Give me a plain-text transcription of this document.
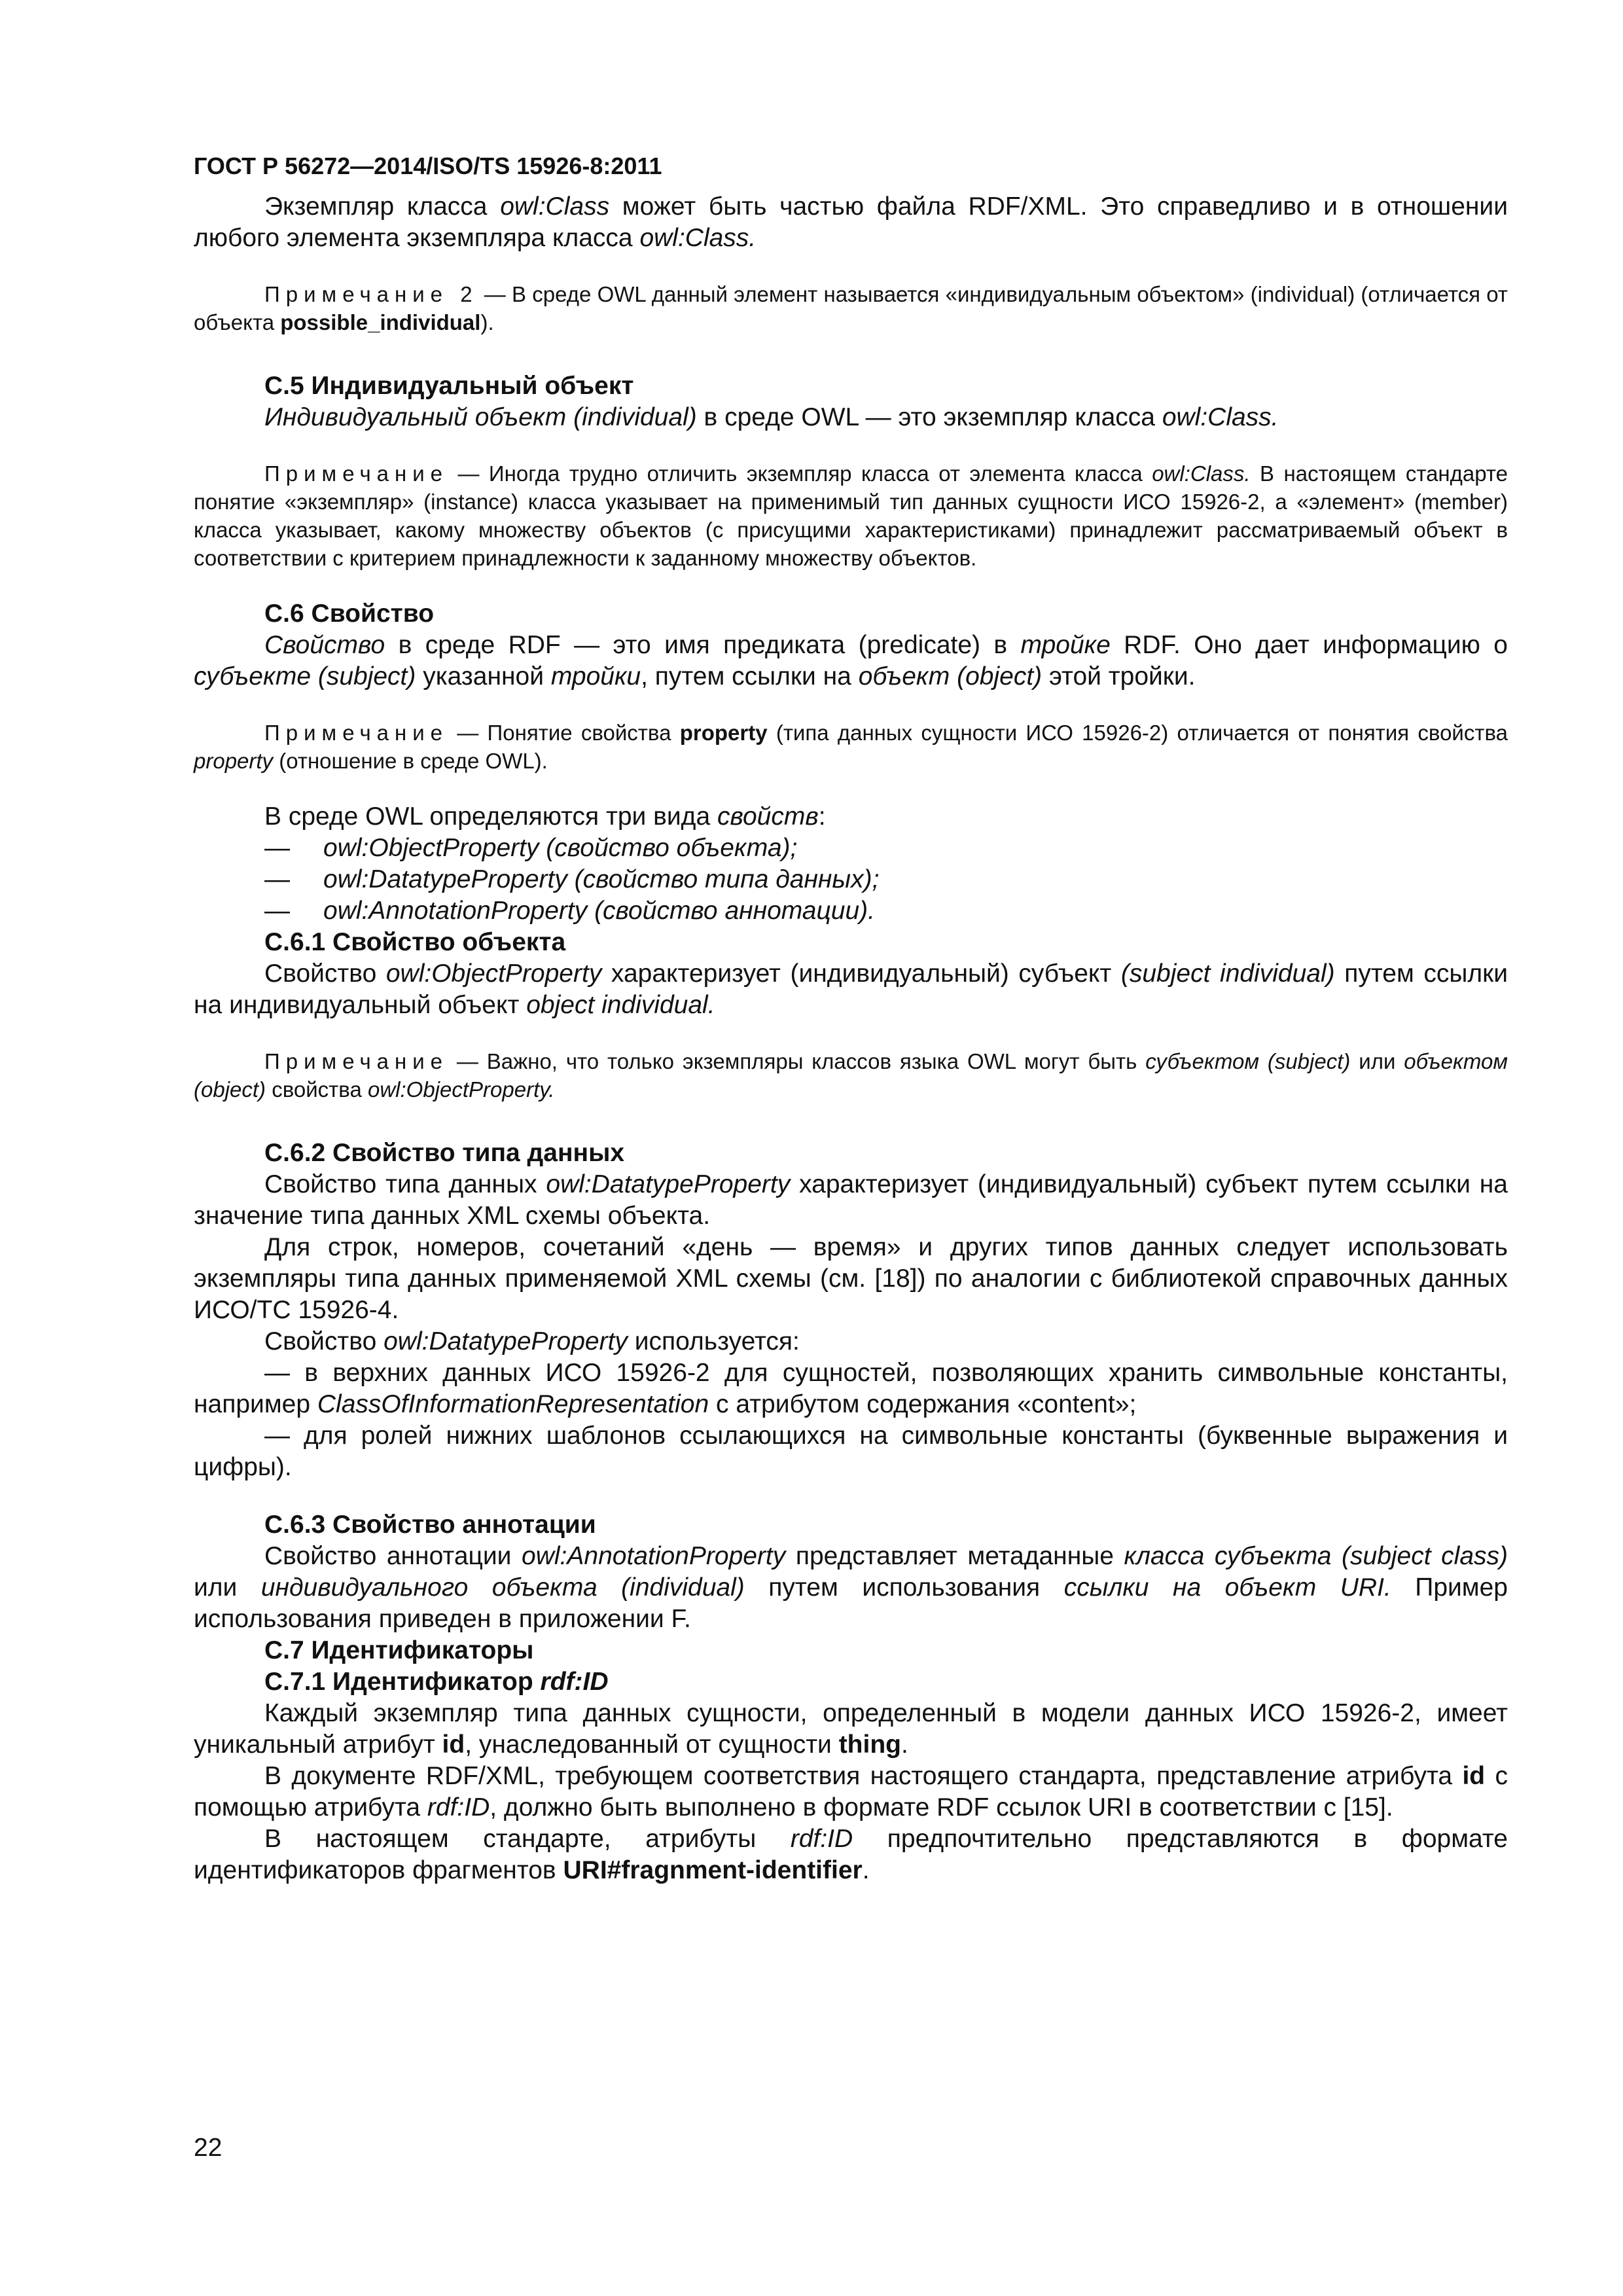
ГОСТ Р 56272—2014/ISO/TS 15926-8:2011

Экземпляр класса owl:Class может быть частью файла RDF/XML. Это справедливо и в отношении любого элемента экземпляра класса owl:Class.

Примечание 2 — В среде OWL данный элемент называется «индивидуальным объектом» (individual) (отличается от объекта possible_individual).

С.5 Индивидуальный объект

Индивидуальный объект (individual) в среде OWL — это экземпляр класса owl:Class.

Примечание — Иногда трудно отличить экземпляр класса от элемента класса owl:Class. В настоящем стандарте понятие «экземпляр» (instance) класса указывает на применимый тип данных сущности ИСО 15926-2, а «элемент» (member) класса указывает, какому множеству объектов (с присущими характеристиками) принадлежит рассматриваемый объект в соответствии с критерием принадлежности к заданному множеству объектов.

С.6 Свойство

Свойство в среде RDF — это имя предиката (predicate) в тройке RDF. Оно дает информацию о субъекте (subject) указанной тройки, путем ссылки на объект (object) этой тройки.

Примечание — Понятие свойства property (типа данных сущности ИСО 15926-2) отличается от понятия свойства property (отношение в среде OWL).

В среде OWL определяются три вида свойств:

— owl:ObjectProperty (свойство объекта);
— owl:DatatypeProperty (свойство типа данных);
— owl:AnnotationProperty (свойство аннотации).

С.6.1 Свойство объекта

Свойство owl:ObjectProperty характеризует (индивидуальный) субъект (subject individual) путем ссылки на индивидуальный объект object individual.

Примечание — Важно, что только экземпляры классов языка OWL могут быть субъектом (subject) или объектом (object) свойства owl:ObjectProperty.

С.6.2 Свойство типа данных

Свойство типа данных owl:DatatypeProperty характеризует (индивидуальный) субъект путем ссылки на значение типа данных XML схемы объекта.

Для строк, номеров, сочетаний «день — время» и других типов данных следует использовать экземпляры типа данных применяемой XML схемы (см. [18]) по аналогии с библиотекой справочных данных ИСО/ТС 15926-4.

Свойство owl:DatatypeProperty используется:

— в верхних данных ИСО 15926-2 для сущностей, позволяющих хранить символьные константы, например ClassOfInformationRepresentation с атрибутом содержания «content»;

— для ролей нижних шаблонов ссылающихся на символьные константы (буквенные выражения и цифры).

С.6.3 Свойство аннотации

Свойство аннотации owl:AnnotationProperty представляет метаданные класса субъекта (subject class) или индивидуального объекта (individual) путем использования ссылки на объект URI. Пример использования приведен в приложении F.

С.7 Идентификаторы

С.7.1 Идентификатор rdf:ID

Каждый экземпляр типа данных сущности, определенный в модели данных ИСО 15926-2, имеет уникальный атрибут id, унаследованный от сущности thing.

В документе RDF/XML, требующем соответствия настоящего стандарта, представление атрибута id с помощью атрибута rdf:ID, должно быть выполнено в формате RDF ссылок URI в соответствии с [15].

В настоящем стандарте, атрибуты rdf:ID предпочтительно представляются в формате идентификаторов фрагментов URI#fragnment-identifier.

22
